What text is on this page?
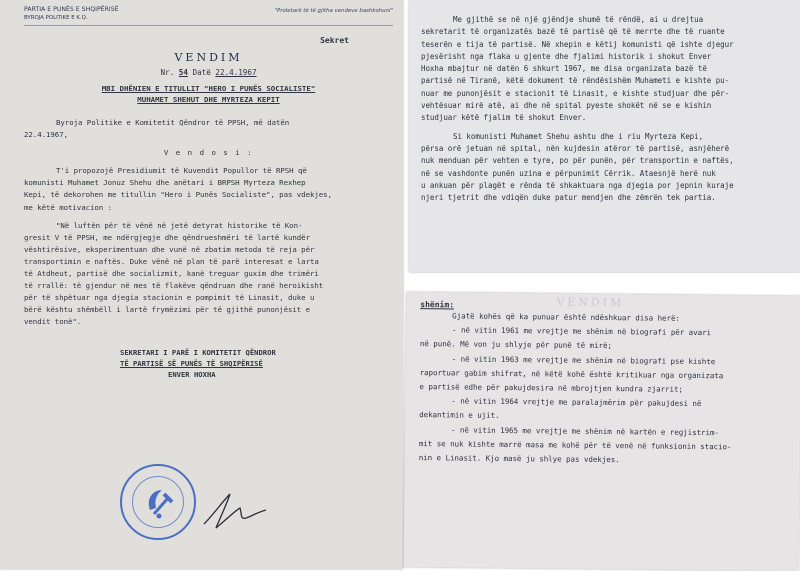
PARTIA E PUNËS E SHQIPËRISË
BYROJA POLITIKE E K.Q.
"Proletarë të të gjitha vendeve bashkohuni"
Sekret
VENDIM
Nr. 54 Datë 22.4.1967
MBI DHËNIEN E TITULLIT "HERO I PUNËS SOCIALISTE"
MUHAMET SHEHUT DHE MYRTEZA KEPIT
Byroja Politike e Komitetit Qëndror të PPSH, më datën
22.4.1967,
V e n d o s i :
T'i propozojë Presidiumit të Kuvendit Popullor të RPSH që
komunisti Muhamet Jonuz Shehu dhe anëtari i BRPSH Myrteza Rexhep
Kepi, të dekorohen me titullin "Hero i Punës Socialiste", pas vdekjes,
me këtë motivacion :
"Në luftën për të vënë në jetë detyrat historike të Kon-
gresit V të PPSH, me ndërgjegje dhe qëndrueshmëri të lartë kundër
vështirësive, eksperimentuan dhe vunë në zbatim metoda të reja për
transportimin e naftës. Duke vënë në plan të parë interesat e larta
të Atdheut, partisë dhe socializmit, kanë treguar guxim dhe trimëri
të rrallë: të gjendur në mes të flakëve qëndruan dhe ranë heroikisht
për të shpëtuar nga djegia stacionin e pompimit të Linasit, duke u
bërë kështu shëmbëll i lartë frymëzimi për të gjithë punonjësit e
vendit tonë".
SEKRETARI I PARË I KOMITETIT QËNDROR
TË PARTISË SË PUNËS TË SHQIPËRISË
ENVER HOXHA
Me gjithë se në një gjëndje shumë të rëndë, ai u drejtua
sekretarit të organizatës bazë të partisë që të merrte dhe të ruante
teserën e tija të partisë. Në xhepin e këtij komunisti që ishte djegur
pjesërisht nga flaka u gjente dhe fjalimi historik i shokut Enver
Hoxha mbajtur në datën 6 shkurt 1967, me disa organizata bazë të
partisë në Tiranë, këtë dokument të rëndësishëm Muhameti e kishte pu-
nuar me punonjësit e stacionit të Linasit, e kishte studjuar dhe për-
vehtësuar mirë atë, ai dhe në spital pyeste shokët në se e kishin
studjuar këtë fjalim të shokut Enver.
Si komunisti Muhamet Shehu ashtu dhe i riu Myrteza Kepi,
përsa orë jetuan në spital, nën kujdesin atëror të partisë, asnjëherë
nuk menduan për vehten e tyre, po për punën, për transportin e naftës,
në se vashdonte punën uzina e përpunimit Cërrik. Ataesnjë herë nuk
u ankuan për plagët e rënda të shkaktuara nga djegia por jepnin kuraje
njeri tjetrit dhe vdiqën duke patur mendjen dhe zëmrën tek partia.
VENDIM
shënim:
Gjatë kohës që ka punuar është ndëshkuar disa herë:
- në vitin 1961 me vrejtje me shënim në biografi për avari
në punë. Më von ju shlyje për punë të mirë;
- në vitin 1963 me vrejtje me shënim në biografi pse kishte
raportuar gabim shifrat, në këtë kohë është kritikuar nga organizata
e partisë edhe për pakujdesira në mbrojtjen kundra zjarrit;
- në vitin 1964 vrejtje me paralajmërim për pakujdesi në
dekantimin e ujit.
- në vitin 1965 me vrejtje me shënim në kartën e regjistrim-
mit se nuk kishte marrë masa me kohë për të venë në funksionin stacio-
nin e Linasit. Kjo masë ju shlye pas vdekjes.
